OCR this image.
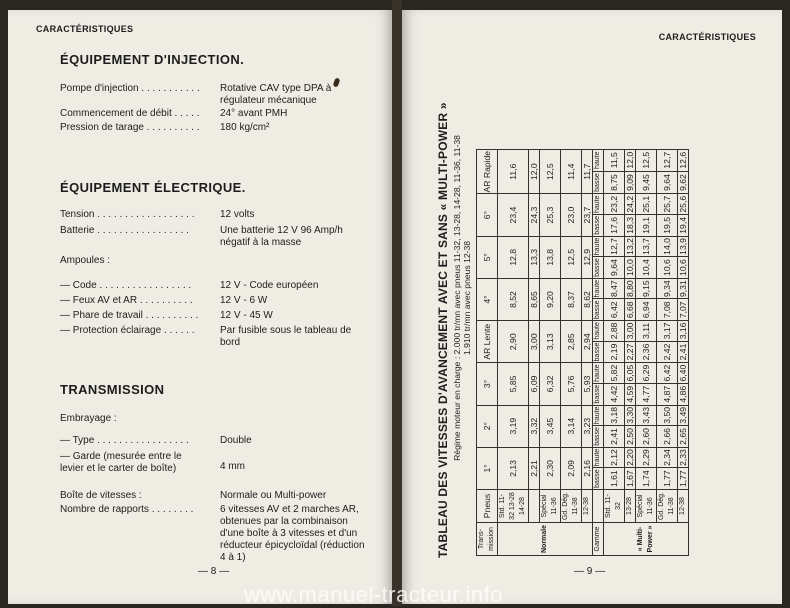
CARACTÉRISTIQUES
ÉQUIPEMENT D'INJECTION.
Pompe d'injection . . . . . . . . . . . Rotative CAV type DPA à régulateur mécanique
Commencement de débit . . . . . 24° avant PMH
Pression de tarage . . . . . . . . . . 180 kg/cm²
ÉQUIPEMENT ÉLECTRIQUE.
Tension . . . . . . . . . . . . . . . . . .	12 volts
Batterie . . . . . . . . . . . . . . . . .	Une batterie 12 V 96 Amp/h négatif à la masse
Ampoules :
— Code . . . . . . . . . . . . . . . . .	12 V - Code européen
— Feux AV et AR . . . . . . . . . .	12 V - 6 W
— Phare de travail . . . . . . . . . . 12 V - 45 W
— Protection éclairage . . . . . .	Par fusible sous le tableau de bord
TRANSMISSION
Embrayage :
— Type . . . . . . . . . . . . . . . . .	Double
— Garde (mesurée entre le levier et le carter de boîte)	4 mm
Boîte de vitesses :	Normale ou Multi-power
Nombre de rapports . . . . . . . .	6 vitesses AV et 2 marches AR, obtenues par la combinaison d'une boîte à 3 vitesses et d'un réducteur épicycloïdal (réduction 4 à 1)
— 8 —
CARACTÉRISTIQUES
TABLEAU DES VITESSES D'AVANCEMENT AVEC ET SANS « MULTI-POWER » Régime moteur en charge : 2.000 tr/mn avec pneus 11-32, 13-28, 14-28, 11-36, 11-38 1.910 tr/mn avec pneus 12-38
Trans-mission	Pneus	1°		2°		3°		AR Lente		4°		5°		6°		AR Rapide	
Normale	Std. 11-32 13-28 14-28	2,13		3,19		5,85		2,90		8,52		12,8		23,4		11,6	
		2,21		3,32		6,09		3,00		8,65		13,3		24,3		12,0	
	Spécial 11-36	2,30		3,45		6,32		3,13		9,20		13,8		25,3		12,5	
	Gd. Dég. 11-38	2,09		3,14		5,76		2,85		8,37		12,5		23,0		11,4	
	12-38	2,16		3,23		5,93		2,94		8,62		12,9		23,7		11,7	
Gamme		basse	haute	basse	haute	basse	haute	basse	haute	basse	haute	basse	haute	basse	haute	basse	haute
« Multi-Power »	Std. 11-32	1,61	2,12	2,41	3,18	4,42	5,82	2,19	2,88	6,42	8,47	9,64	12,7	17,6	23,2	8,75	11,5
	13-28	1,67	2,20	2,50	3,30	4,59	6,05	2,27	3,00	6,68	8,80	10,0	13,2	18,3	24,2	9,09	12,0
	Spécial 11-36	1,74	2,29	2,60	3,43	4,77	6,29	2,36	3,11	6,94	9,15	10,4	13,7	19,1	25,1	9,45	12,5
	Gd. Dég. 11-38	1,77	2,34	2,66	3,50	4,87	6,42	2,42	3,17	7,08	9,34	10,6	14,0	19,5	25,7	9,64	12,7
	12-38	1,77	2,33	2,65	3,49	4,86	6,40	2,41	3,16	7,07	9,31	10,6	13,9	19,4	25,6	9,62	12,6
— 9 —
www.manuel-tracteur.info
